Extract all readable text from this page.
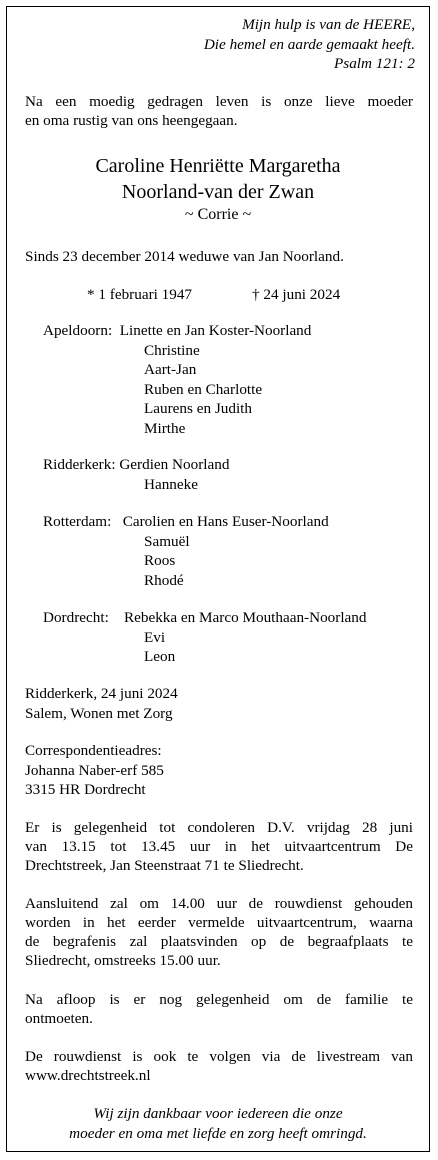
Mijn hulp is van de HEERE,
Die hemel en aarde gemaakt heeft.
Psalm 121: 2
Na een moedig gedragen leven is onze lieve moeder
en oma rustig van ons heengegaan.
Caroline Henriëtte Margaretha
Noorland-van der Zwan
~ Corrie ~
Sinds 23 december 2014 weduwe van Jan Noorland.
* 1 februari 1947	† 24 juni 2024
Apeldoorn: Linette en Jan Koster-Noorland
Christine
Aart-Jan
Ruben en Charlotte
Laurens en Judith
Mirthe
Ridderkerk: Gerdien Noorland
Hanneke
Rotterdam: Carolien en Hans Euser-Noorland
Samuël
Roos
Rhodé
Dordrecht: Rebekka en Marco Mouthaan-Noorland
Evi
Leon
Ridderkerk, 24 juni 2024
Salem, Wonen met Zorg
Correspondentieadres:
Johanna Naber-erf 585
3315 HR Dordrecht
Er is gelegenheid tot condoleren D.V. vrijdag 28 juni
van 13.15 tot 13.45 uur in het uitvaartcentrum De
Drechtstreek, Jan Steenstraat 71 te Sliedrecht.
Aansluitend zal om 14.00 uur de rouwdienst gehouden
worden in het eerder vermelde uitvaartcentrum, waarna
de begrafenis zal plaatsvinden op de begraafplaats te
Sliedrecht, omstreeks 15.00 uur.
Na afloop is er nog gelegenheid om de familie te
ontmoeten.
De rouwdienst is ook te volgen via de livestream van
www.drechtstreek.nl
Wij zijn dankbaar voor iedereen die onze
moeder en oma met liefde en zorg heeft omringd.
